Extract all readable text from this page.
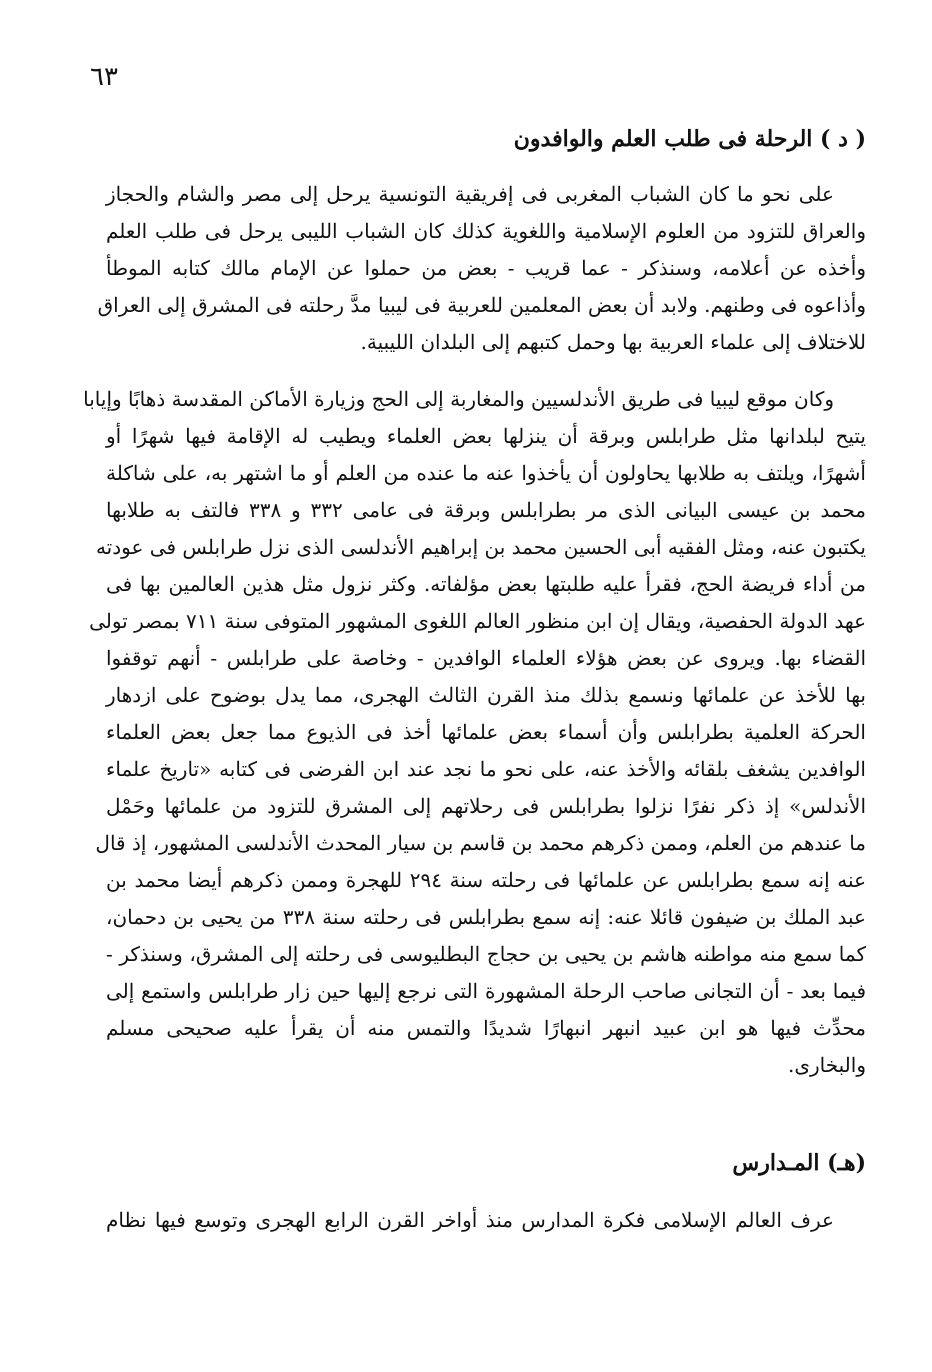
٦٣
( د ) الرحلة فى طلب العلم والوافدون
على نحو ما كان الشباب المغربى فى إفريقية التونسية يرحل إلى مصر والشام والحجاز
والعراق للتزود من العلوم الإسلامية واللغوية كذلك كان الشباب الليبى يرحل فى طلب العلم
وأخذه عن أعلامه، وسنذكر - عما قريب - بعض من حملوا عن الإمام مالك كتابه الموطأ
وأذاعوه فى وطنهم. ولابد أن بعض المعلمين للعربية فى ليبيا مدَّ رحلته فى المشرق إلى العراق
للاختلاف إلى علماء العربية بها وحمل كتبهم إلى البلدان الليبية.
وكان موقع ليبيا فى طريق الأندلسيين والمغاربة إلى الحج وزيارة الأماكن المقدسة ذهابًا وإيابا
يتيح لبلدانها مثل طرابلس وبرقة أن ينزلها بعض العلماء ويطيب له الإقامة فيها شهرًا أو
أشهرًا، ويلتف به طلابها يحاولون أن يأخذوا عنه ما عنده من العلم أو ما اشتهر به، على شاكلة
محمد بن عيسى البيانى الذى مر بطرابلس وبرقة فى عامى ٣٣٢ و ٣٣٨ فالتف به طلابها
يكتبون عنه، ومثل الفقيه أبى الحسين محمد بن إبراهيم الأندلسى الذى نزل طرابلس فى عودته
من أداء فريضة الحج، فقرأ عليه طلبتها بعض مؤلفاته. وكثر نزول مثل هذين العالمين بها فى
عهد الدولة الحفصية، ويقال إن ابن منظور العالم اللغوى المشهور المتوفى سنة ٧١١ بمصر تولى
القضاء بها. ويروى عن بعض هؤلاء العلماء الوافدين - وخاصة على طرابلس - أنهم توقفوا
بها للأخذ عن علمائها ونسمع بذلك منذ القرن الثالث الهجرى، مما يدل بوضوح على ازدهار
الحركة العلمية بطرابلس وأن أسماء بعض علمائها أخذ فى الذيوع مما جعل بعض العلماء
الوافدين يشغف بلقائه والأخذ عنه، على نحو ما نجد عند ابن الفرضى فى كتابه «تاريخ علماء
الأندلس» إذ ذكر نفرًا نزلوا بطرابلس فى رحلاتهم إلى المشرق للتزود من علمائها وحَمْل
ما عندهم من العلم، وممن ذكرهم محمد بن قاسم بن سيار المحدث الأندلسى المشهور، إذ قال
عنه إنه سمع بطرابلس عن علمائها فى رحلته سنة ٢٩٤ للهجرة وممن ذكرهم أيضا محمد بن
عبد الملك بن ضيفون قائلا عنه: إنه سمع بطرابلس فى رحلته سنة ٣٣٨ من يحيى بن دحمان،
كما سمع منه مواطنه هاشم بن يحيى بن حجاج البطليوسى فى رحلته إلى المشرق، وسنذكر -
فيما بعد - أن التجانى صاحب الرحلة المشهورة التى نرجع إليها حين زار طرابلس واستمع إلى
محدِّث فيها هو ابن عبيد انبهر انبهارًا شديدًا والتمس منه أن يقرأ عليه صحيحى مسلم
والبخارى.
(هـ) المـدارس
عرف العالم الإسلامى فكرة المدارس منذ أواخر القرن الرابع الهجرى وتوسع فيها نظام
